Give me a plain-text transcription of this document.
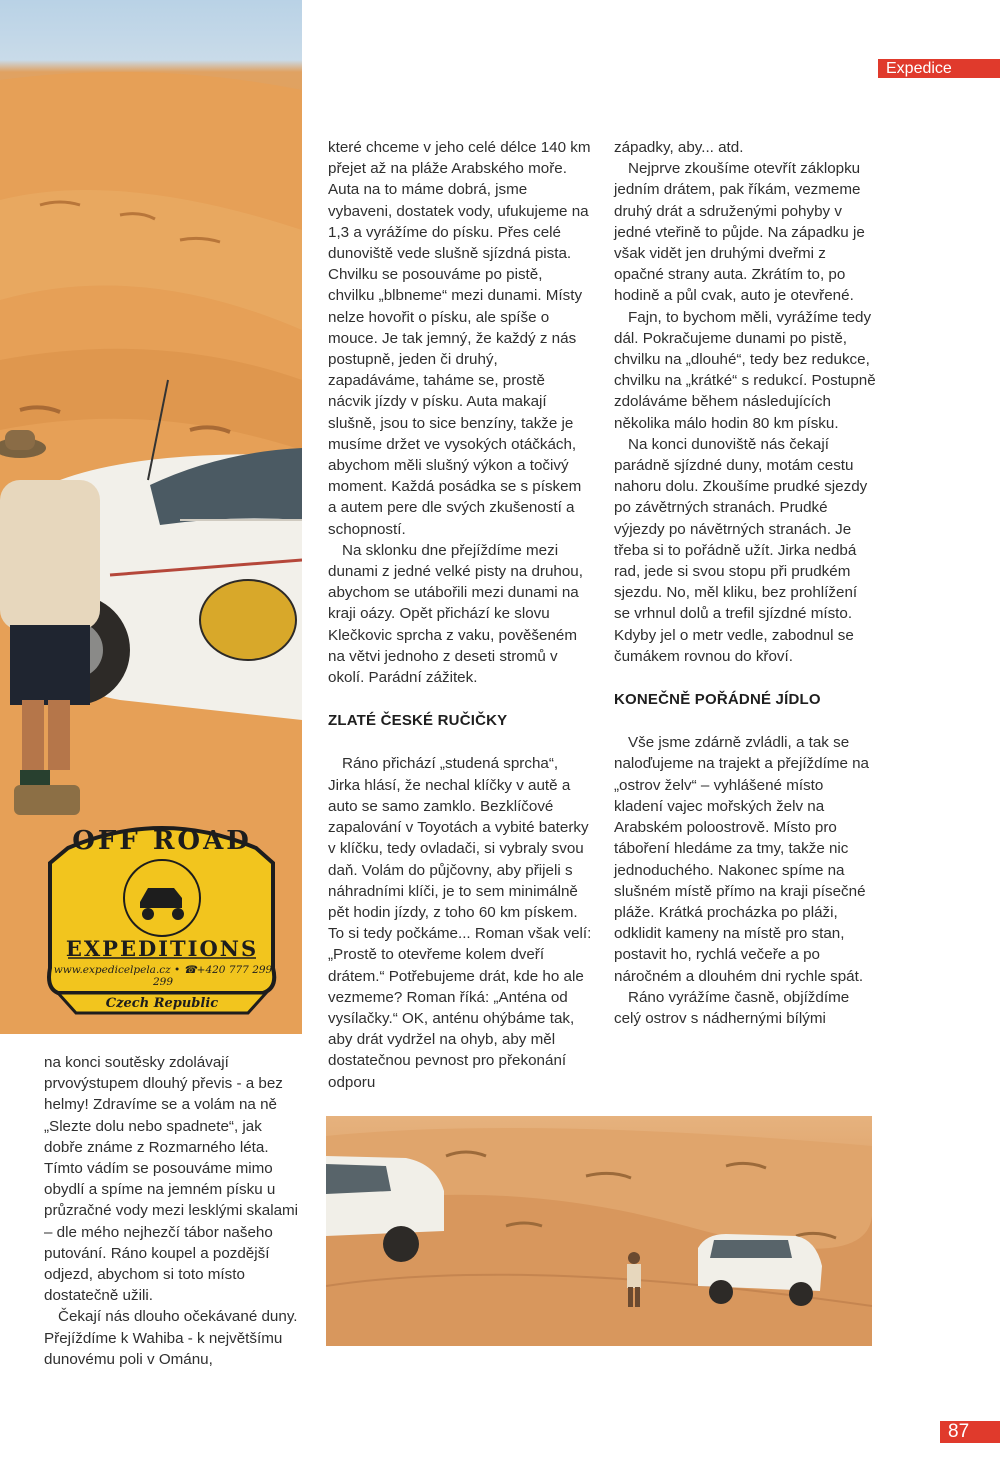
Expedice
87
OFF ROAD
EXPEDITIONS
www.expedicelpela.cz • ☎+420 777 299 299
Czech Republic

které chceme v jeho celé délce 140 km přejet až na pláže Arabského moře. Auta na to máme dobrá, jsme vybaveni, dostatek vody, ufukujeme na 1,3 a vyrážíme do písku. Přes celé dunoviště vede slušně sjízdná pista. Chvilku se posouváme po pistě, chvilku „blbneme“ mezi dunami. Místy nelze hovořit o písku, ale spíše o mouce. Je tak jemný, že každý z nás postupně, jeden či druhý, zapadáváme, taháme se, prostě nácvik jízdy v písku. Auta makají slušně, jsou to sice benzíny, takže je musíme držet ve vysokých otáčkách, abychom měli slušný výkon a točivý moment. Každá posádka se s pískem a autem pere dle svých zkušeností a schopností.

Na sklonku dne přejíždíme mezi dunami z jedné velké pisty na druhou, abychom se utábořili mezi dunami na kraji oázy. Opět přichází ke slovu Klečkovic sprcha z vaku, pověšeném na větvi jednoho z deseti stromů v okolí. Parádní zážitek.

ZLATÉ ČESKÉ RUČIČKY

Ráno přichází „studená sprcha“, Jirka hlásí, že nechal klíčky v autě a auto se samo zamklo. Bezklíčové zapalování v Toyotách a vybité baterky v klíčku, tedy ovladači, si vybraly svou daň. Volám do půjčovny, aby přijeli s náhradními klíči, je to sem minimálně pět hodin jízdy, z toho 60 km pískem. To si tedy počkáme... Roman však velí: „Prostě to otevřeme kolem dveří drátem.“ Potřebujeme drát, kde ho ale vezmeme? Roman říká: „Anténa od vysílačky.“ OK, anténu ohýbáme tak, aby drát vydržel na ohyb, aby měl dostatečnou pevnost pro překonání odporu

západky, aby... atd.

Nejprve zkoušíme otevřít záklopku jedním drátem, pak říkám, vezmeme druhý drát a sdruženými pohyby v jedné vteřině to půjde. Na západku je však vidět jen druhými dveřmi z opačné strany auta. Zkrátím to, po hodině a půl cvak, auto je otevřené.

Fajn, to bychom měli, vyrážíme tedy dál. Pokračujeme dunami po pistě, chvilku na „dlouhé“, tedy bez redukce, chvilku na „krátké“ s redukcí. Postupně zdoláváme během následujících několika málo hodin 80 km písku.

Na konci dunoviště nás čekají parádně sjízdné duny, motám cestu nahoru dolu. Zkoušíme prudké sjezdy po závětrných stranách. Prudké výjezdy po návětrných stranách. Je třeba si to pořádně užít. Jirka nedbá rad, jede si svou stopu při prudkém sjezdu. No, měl kliku, bez prohlížení se vrhnul dolů a trefil sjízdné místo. Kdyby jel o metr vedle, zabodnul se čumákem rovnou do křoví.

KONEČNĚ POŘÁDNÉ JÍDLO

Vše jsme zdárně zvládli, a tak se naloďujeme na trajekt a přejíždíme na „ostrov želv“ – vyhlášené místo kladení vajec mořských želv na Arabském poloostrově. Místo pro táboření hledáme za tmy, takže nic jednoduchého. Nakonec spíme na slušném místě přímo na kraji písečné pláže. Krátká procházka po pláži, odklidit kameny na místě pro stan, postavit ho, rychlá večeře a po náročném a dlouhém dni rychle spát.

Ráno vyrážíme časně, objíždíme celý ostrov s nádhernými bílými

na konci soutěsky zdolávají prvovýstupem dlouhý převis - a bez helmy! Zdravíme se a volám na ně „Slezte dolu nebo spadnete“, jak dobře známe z Rozmarného léta. Tímto vádím se posouváme mimo obydlí a spíme na jemném písku u průzračné vody mezi lesklými skalami – dle mého nejhezčí tábor našeho putování. Ráno koupel a pozdější odjezd, abychom si toto místo dostatečně užili.

Čekají nás dlouho očekávané duny. Přejíždíme k Wahiba - k největšímu dunovému poli v Ománu,
